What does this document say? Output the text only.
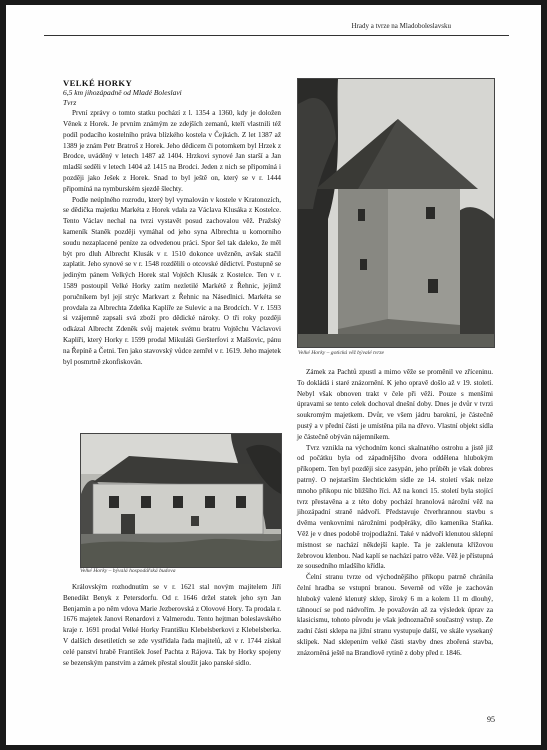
Hrady a tvrze na Mladoboleslavsku
VELKÉ HORKY
6,5 km jihozápadně od Mladé Boleslavi
Tvrz

První zprávy o tomto statku pochází z l. 1354 a 1360, kdy je doložen Věnek z Horek. Je prvním známým ze zdejších zemanů, kteří vlastnili též podíl podacího kostelního práva blízkého kostela v Čejkách. Z let 1387 až 1389 je znám Petr Bratroš z Horek. Jeho dědicem či potomkem byl Hrzek z Brodce, uváděný v letech 1487 až 1404. Hrzkovi synové Jan starší a Jan mladší seděli v letech 1404 až 1415 na Brodci. Jeden z nich se připomíná i později jako Ješek z Horek. Snad to byl ještě on, který se v r. 1444 připomíná na nymburském sjezdě šlechty.

Podle neúplného rozrodu, který byl vymalován v kostele v Kratonozích, se dědička majetku Markéta z Horek vdala za Václava Klusáka z Kostelce. Tento Václav nechal na tvrzi vystavět posud zachovalou věž. Pražský kameník Staněk později vymáhal od jeho syna Albrechta u komorního soudu nezaplacené peníze za odvedenou práci. Spor šel tak daleko, že měl být pro dluh Albrecht Klusák v r. 1510 dokonce uvězněn, avšak stačil zaplatit. Jeho synové se v r. 1548 rozdělili o otcovské dědictví. Postupně se jediným pánem Velkých Horek stal Vojtěch Klusák z Kostelce. Ten v r. 1589 postoupil Velké Horky zatím nezletilé Markétě z Řehnic, jejímž poručníkem byl její strýc Markvart z Řehnic na Násedlnici. Markéta se provdala za Albrechta Zdeňka Kaplíře ze Sulevic a na Brodcích. V r. 1593 si vzájemně zapsali svá zboží pro dědické nároky. O tři roky později odkázal Albrecht Zdeněk svůj majetek svému bratru Vojtěchu Václavovi Kaplíři, který Horky r. 1599 prodal Mikuláši Geršterfovi z Malšovic, pánu na Řepíně a Četni. Ten jako stavovský vůdce zemřel v r. 1619. Jeho majetek byl posmrtně zkonfiskován.

Velké Horky – bývalá hospodářská budova

Královským rozhodnutím se v r. 1621 stal novým majitelem Jiří Benedikt Benyk z Petersdorfu. Od r. 1646 držel statek jeho syn Jan Benjamín a po něm vdova Marie Jezberovská z Olovové Hory. Ta prodala r. 1676 majetek Janovi Renardovi z Valmerodu. Tento hejtman boleslavského kraje r. 1691 prodal Velké Horky Františku Klebelsberkovi z Klebelsberka. V dalších desetiletích se zde vystřídala řada majitelů, až v r. 1744 získal celé panství hrabě František Josef Pachta z Rájova. Tak by Horky spojeny se bezenským panstvím a zámek přestal sloužit jako panské sídlo.

Velké Horky – gotická věž bývalé tvrze

Zámek za Pachtů zpustl a mimo věže se proměnil ve zříceninu. To dokládá i staré znázornění. K jeho opravě došlo až v 19. století. Nebyl však obnoven trakt v čele při věži. Pouze s menšími úpravami se tento celek dochoval dnešní doby. Dnes je dvůr v tvrzi soukromým majetkem. Dvůr, ve všem jádru barokní, je částečně pustý a v přední části je umístěna pila na dřevo. Vlastní objekt sídla je částečně obýván nájemníkem.

Tvrz vznikla na východním konci skalnatého ostrohu a jistě již od počátku byla od západnějšího dvora oddělena hlubokým příkopem. Ten byl později sice zasypán, jeho průběh je však dobres patrný. O nejstarším šlechtickém sídle ze 14. století však nelze mnoho přikopu nic bližšího říci. Až na konci 15. století byla stojící tvrz přestavěna a z této doby pochází hranolová nárožní věž na jihozápadní straně nádvoří. Představuje čtverhrannou stavbu s dvěma venkovními nárožními podpěráky, dílo kameníka Staňka. Věž je v dnes podobě trojpodlažní. Také v nádvoří klenutou sklepní místnost se nachází někdejší kaple. Ta je zaklenuta křížovou žebrovou klenbou. Nad kaplí se nachází patro věže. Věž je přístupná ze sousedního mladšího křídla.

Čelní stranu tvrze od východnějšího příkopu patrně chránila čelní hradba se vstupní branou. Severně od věže je zachován hluboký valené klenutý sklep, široký 6 m a kolem 11 m dlouhý, táhnoucí se pod nádvořím. Je považován až za výsledek úprav za klasicismu, tohoto původu je však jednoznačně součastný vstup. Ze zadní části sklepa na jižní stranu vystupuje další, ve skále vysekaný sklípek. Nad sklepením velké části stavby dnes zbořená stavba, znázorněná ještě na Brandlově rytině z doby před r. 1846.

95
